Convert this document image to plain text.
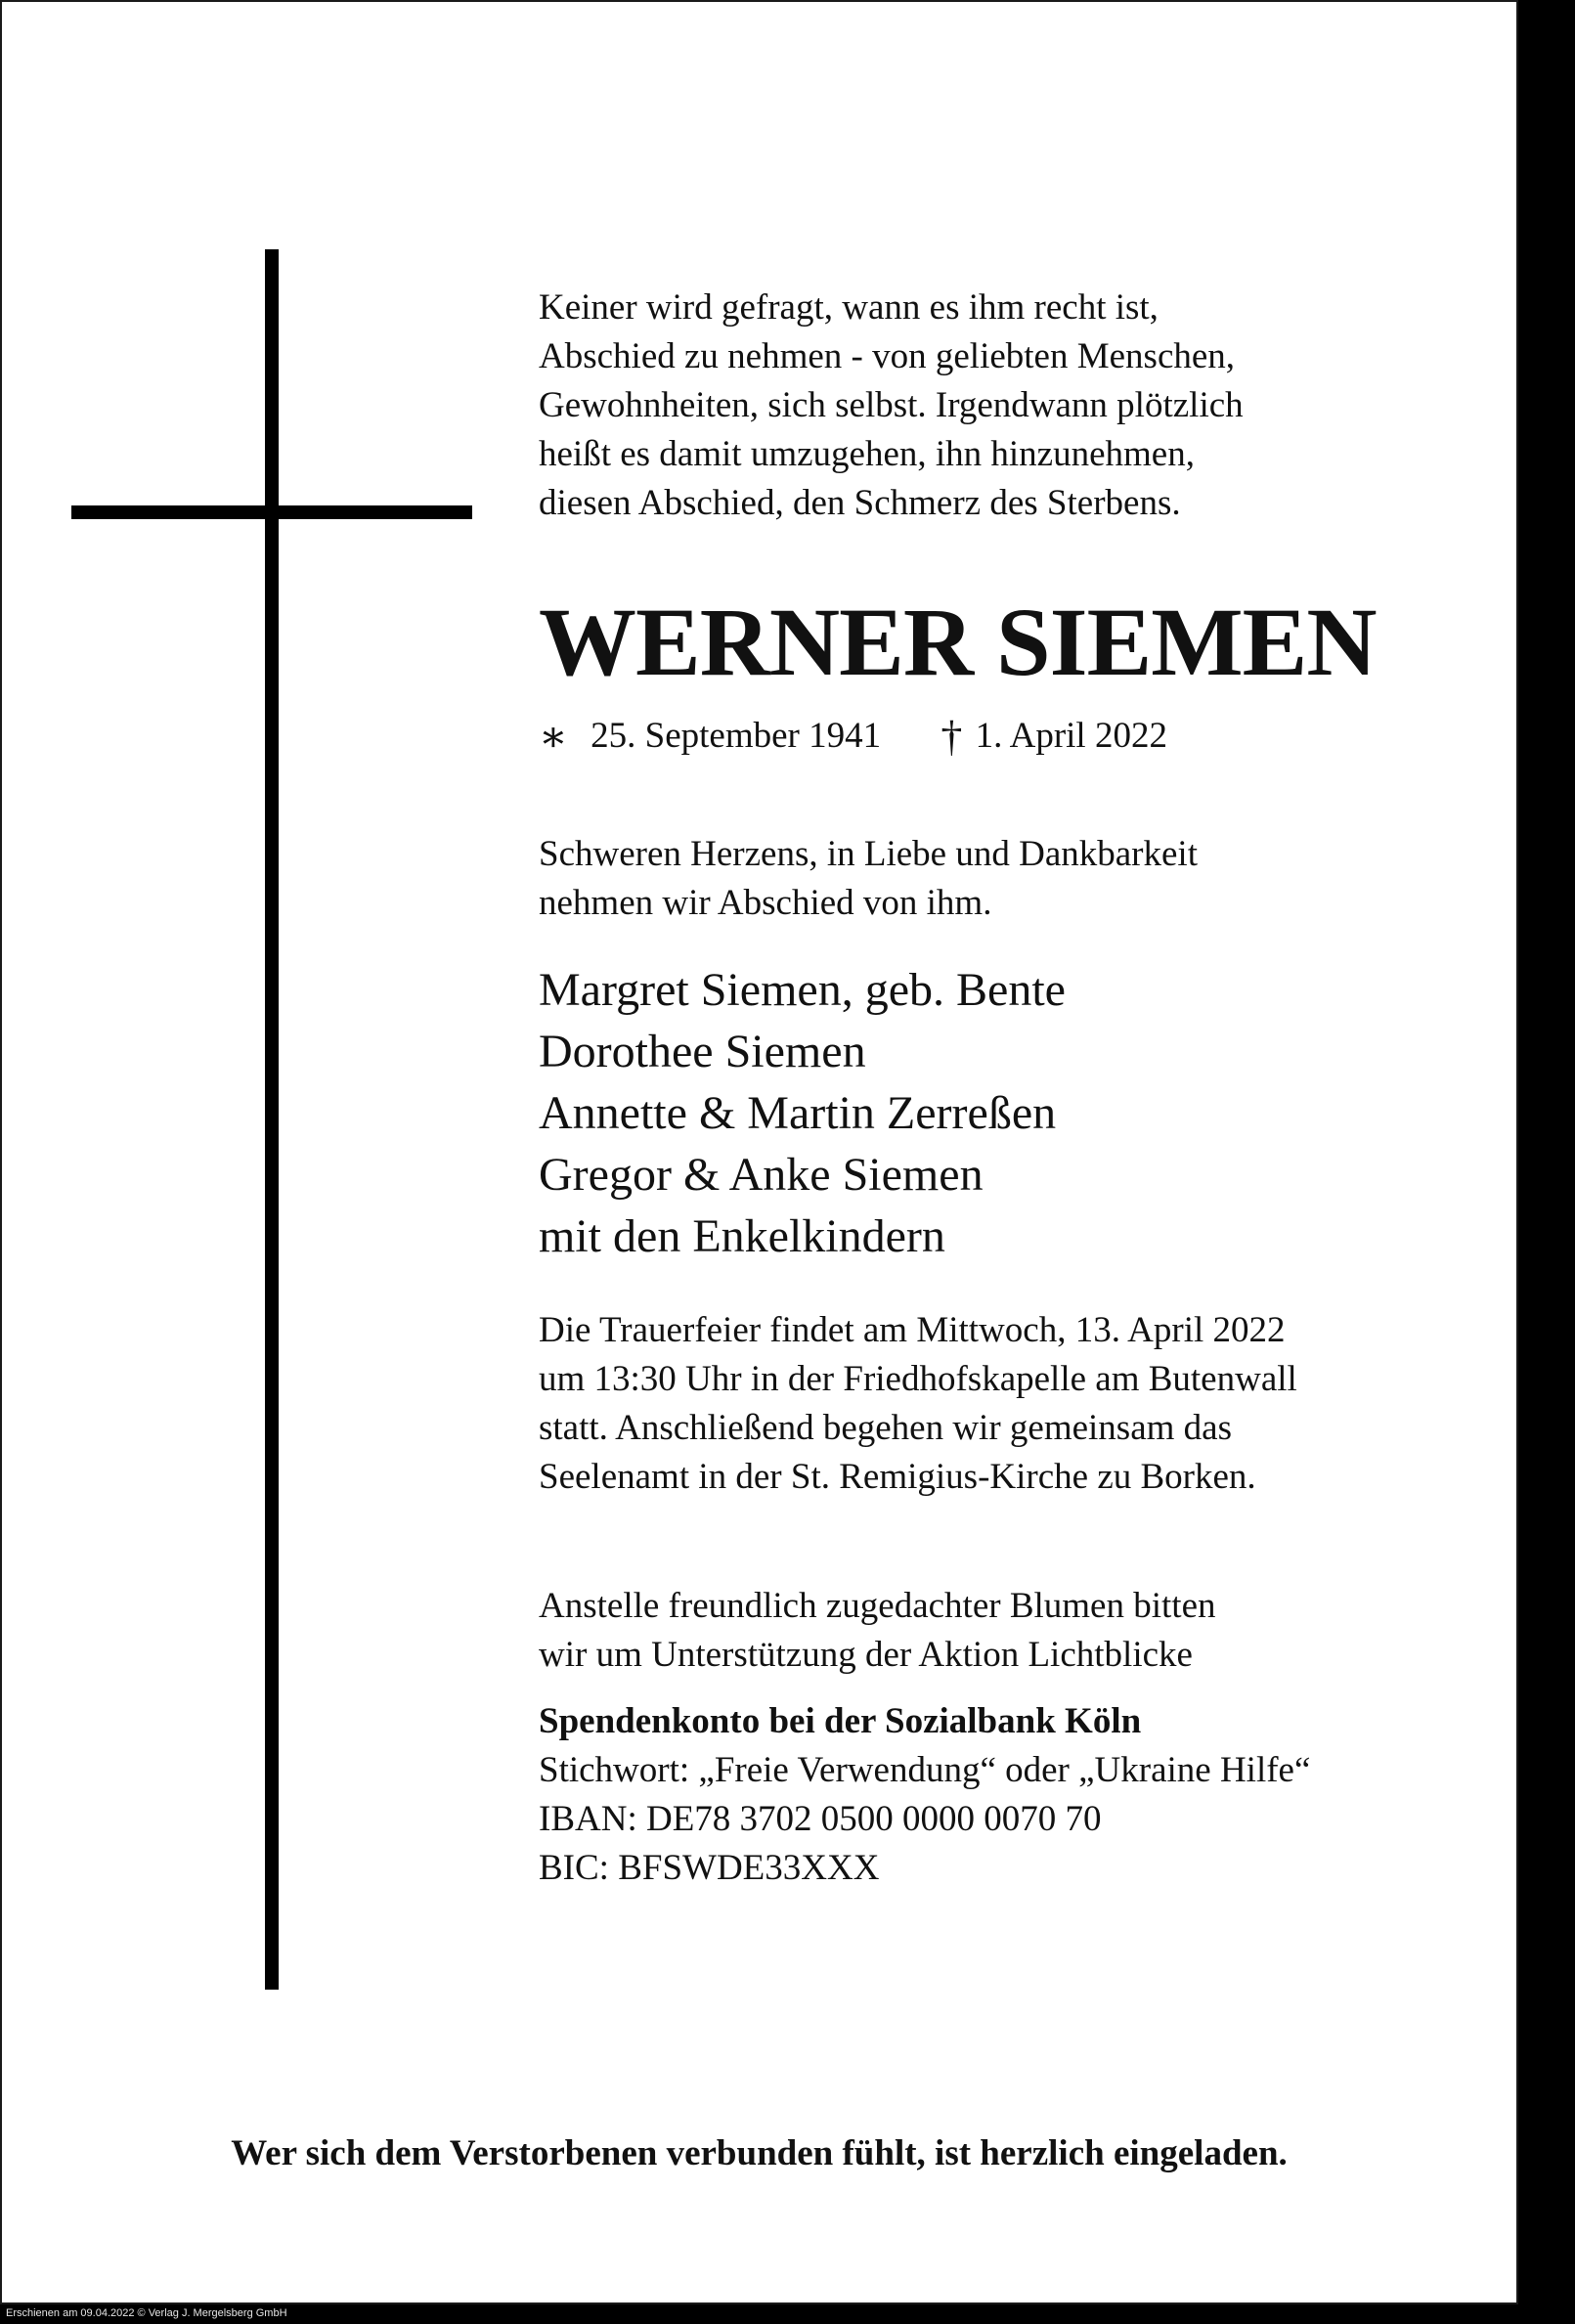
Keiner wird gefragt, wann es ihm recht ist,
Abschied zu nehmen - von geliebten Menschen,
Gewohnheiten, sich selbst. Irgendwann plötzlich
heißt es damit umzugehen, ihn hinzunehmen,
diesen Abschied, den Schmerz des Sterbens.

WERNER SIEMEN
∗ 25. September 1941 † 1. April 2022

Schweren Herzens, in Liebe und Dankbarkeit
nehmen wir Abschied von ihm.

Margret Siemen, geb. Bente
Dorothee Siemen
Annette & Martin Zerreßen
Gregor & Anke Siemen
mit den Enkelkindern

Die Trauerfeier findet am Mittwoch, 13. April 2022
um 13:30 Uhr in der Friedhofskapelle am Butenwall
statt. Anschließend begehen wir gemeinsam das
Seelenamt in der St. Remigius-Kirche zu Borken.

Anstelle freundlich zugedachter Blumen bitten
wir um Unterstützung der Aktion Lichtblicke

Spendenkonto bei der Sozialbank Köln
Stichwort: „Freie Verwendung“ oder „Ukraine Hilfe“
IBAN: DE78 3702 0500 0000 0070 70
BIC: BFSWDE33XXX

Wer sich dem Verstorbenen verbunden fühlt, ist herzlich eingeladen.
Erschienen am 09.04.2022 © Verlag J. Mergelsberg GmbH
